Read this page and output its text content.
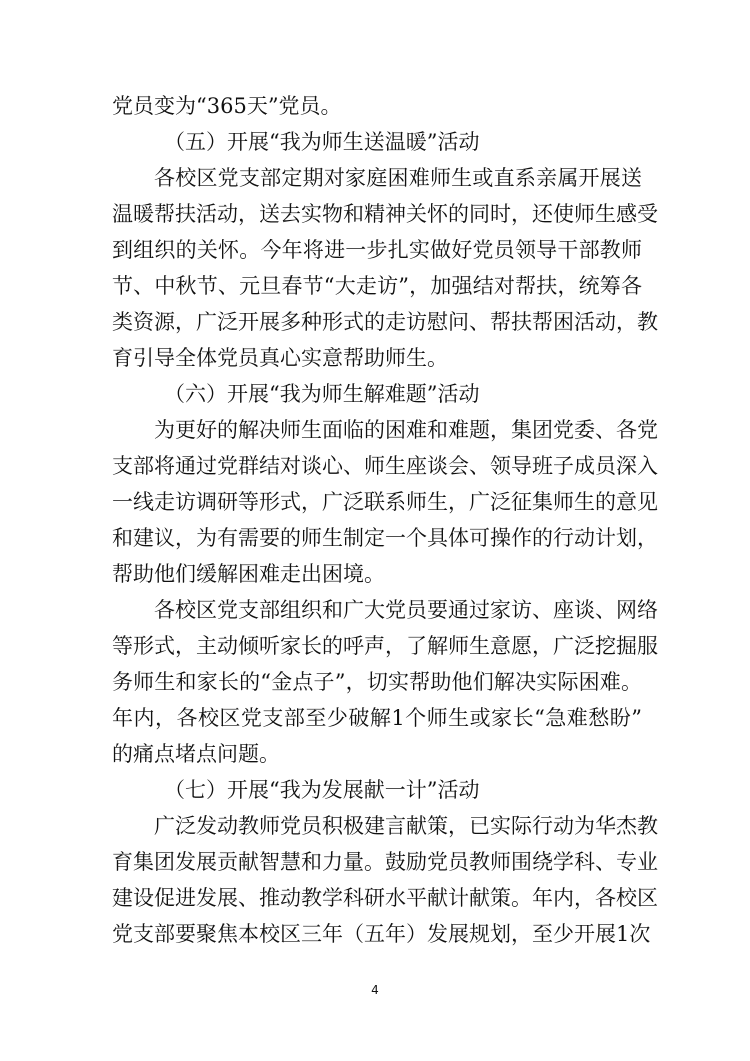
党员变为“365天”党员。
（五）开展“我为师生送温暖”活动
各校区党支部定期对家庭困难师生或直系亲属开展送
温暖帮扶活动，送去实物和精神关怀的同时，还使师生感受
到组织的关怀。今年将进一步扎实做好党员领导干部教师
节、中秋节、元旦春节“大走访”，加强结对帮扶，统筹各
类资源，广泛开展多种形式的走访慰问、帮扶帮困活动，教
育引导全体党员真心实意帮助师生。
（六）开展“我为师生解难题”活动
为更好的解决师生面临的困难和难题，集团党委、各党
支部将通过党群结对谈心、师生座谈会、领导班子成员深入
一线走访调研等形式，广泛联系师生，广泛征集师生的意见
和建议，为有需要的师生制定一个具体可操作的行动计划，
帮助他们缓解困难走出困境。
各校区党支部组织和广大党员要通过家访、座谈、网络
等形式，主动倾听家长的呼声，了解师生意愿，广泛挖掘服
务师生和家长的“金点子”，切实帮助他们解决实际困难。
年内，各校区党支部至少破解1个师生或家长“急难愁盼”
的痛点堵点问题。
（七）开展“我为发展献一计”活动
广泛发动教师党员积极建言献策，已实际行动为华杰教
育集团发展贡献智慧和力量。鼓励党员教师围绕学科、专业
建设促进发展、推动教学科研水平献计献策。年内，各校区
党支部要聚焦本校区三年（五年）发展规划，至少开展1次
4
